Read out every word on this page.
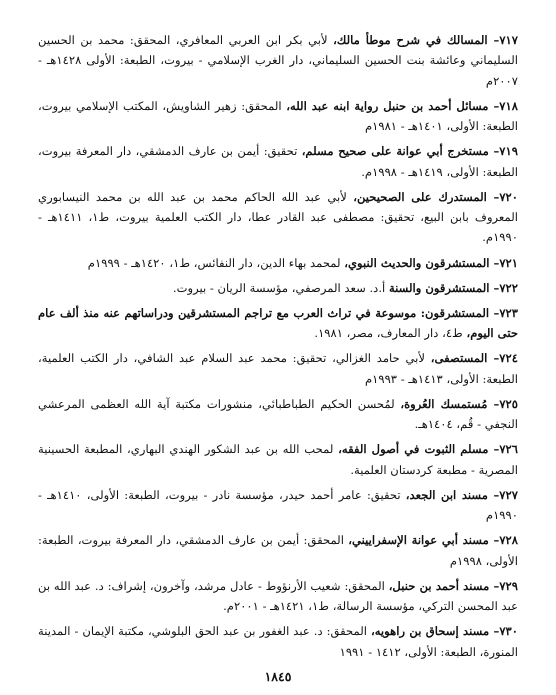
٧١٧– المسالك في شرح موطأ مالك، لأبي بكر ابن العربي المعافري، المحقق: محمد بن الحسين السليماني وعائشة بنت الحسين السليماني، دار الغرب الإسلامي - بيروت، الطبعة: الأولى ١٤٢٨هـ - ٢٠٠٧م

٧١٨– مسائل أحمد بن حنبل رواية ابنه عبد الله، المحقق: زهير الشاويش، المكتب الإسلامي بيروت، الطبعة: الأولى، ١٤٠١هـ - ١٩٨١م

٧١٩– مستخرج أبي عوانة على صحيح مسلم، تحقيق: أيمن بن عارف الدمشقي، دار المعرفة بيروت، الطبعة: الأولى، ١٤١٩هـ - ١٩٩٨م.

٧٢٠– المستدرك على الصحيحين، لأبي عبد الله الحاكم محمد بن عبد الله بن محمد النيسابوري المعروف بابن البيع، تحقيق: مصطفى عبد القادر عطا، دار الكتب العلمية بيروت، ط١، ١٤١١هـ - ١٩٩٠م.

٧٢١– المستشرقون والحديث النبوي، لمحمد بهاء الدين، دار النفائس، ط١، ١٤٢٠هـ - ١٩٩٩م

٧٢٢– المستشرقون والسنة أ.د. سعد المرصفي، مؤسسة الريان - بيروت.

٧٢٣– المستشرقون: موسوعة في تراث العرب مع تراجم المستشرقين ودراساتهم عنه منذ ألف عام حتى اليوم، ط٤، دار المعارف، مصر، ١٩٨١.

٧٢٤– المستصفى، لأبي حامد الغزالي، تحقيق: محمد عبد السلام عبد الشافي، دار الكتب العلمية، الطبعة: الأولى، ١٤١٣هـ - ١٩٩٣م

٧٢٥– مُستمسك العُروة، لمُحسن الحكيم الطباطبائي، منشورات مكتبة آية الله العظمى المرعشي النجفي - قُم، ١٤٠٤هـ.

٧٢٦– مسلم الثبوت في أصول الفقه، لمحب الله بن عبد الشكور الهندي البهاري، المطبعة الحسينية المصرية - مطبعة كردستان العلمية.

٧٢٧– مسند ابن الجعد، تحقيق: عامر أحمد حيدر، مؤسسة نادر - بيروت، الطبعة: الأولى، ١٤١٠هـ - ١٩٩٠م

٧٢٨– مسند أبي عوانة الإسفراييني، المحقق: أيمن بن عارف الدمشقي، دار المعرفة بيروت، الطبعة: الأولى، ١٩٩٨م

٧٢٩– مسند أحمد بن حنبل، المحقق: شعيب الأرنؤوط - عادل مرشد، وآخرون، إشراف: د. عبد الله بن عبد المحسن التركي، مؤسسة الرسالة، ط١، ١٤٢١هـ - ٢٠٠١م.

٧٣٠– مسند إسحاق بن راهويه، المحقق: د. عبد الغفور بن عبد الحق البلوشي، مكتبة الإيمان - المدينة المنورة، الطبعة: الأولى، ١٤١٢ - ١٩٩١

١٨٤٥
